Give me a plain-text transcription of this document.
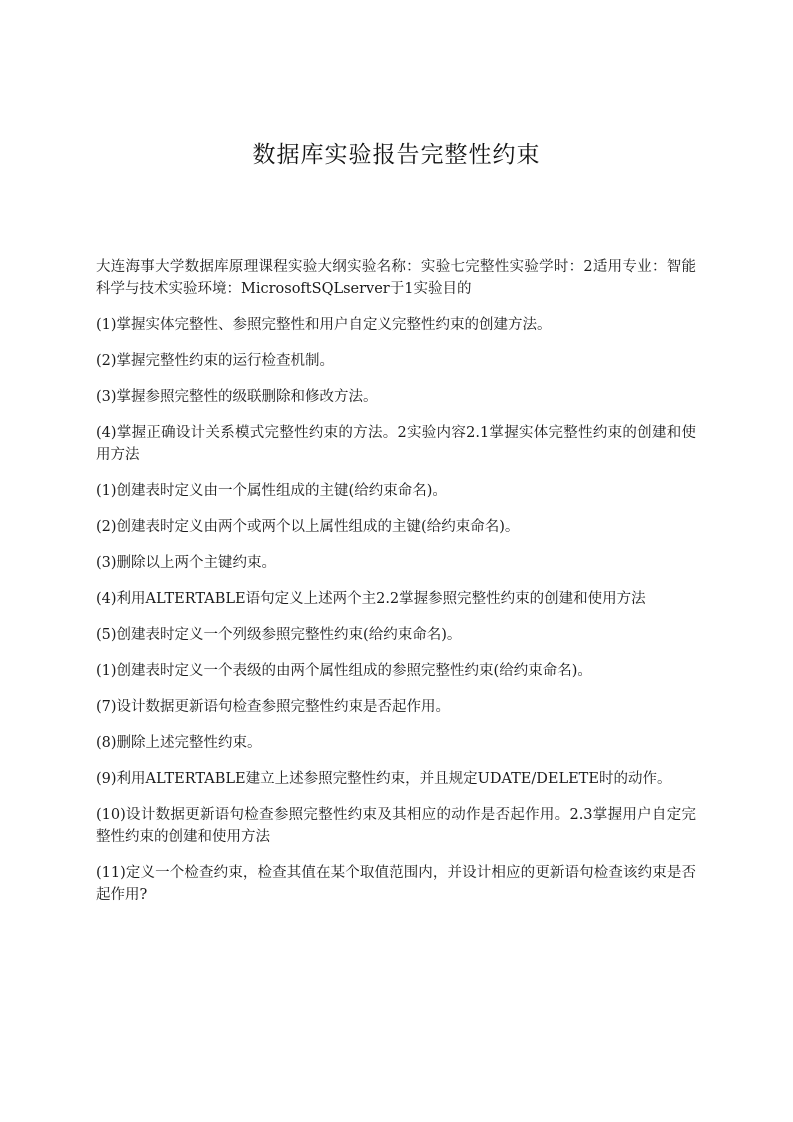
数据库实验报告完整性约束

大连海事大学数据库原理课程实验大纲实验名称：实验七完整性实验学时：2适用专业：智能科学与技术实验环境：MicrosoftSQLserver于1实验目的

(1)掌握实体完整性、参照完整性和用户自定义完整性约束的创建方法。

(2)掌握完整性约束的运行检查机制。

(3)掌握参照完整性的级联删除和修改方法。

(4)掌握正确设计关系模式完整性约束的方法。2实验内容2.1掌握实体完整性约束的创建和使用方法

(1)创建表时定义由一个属性组成的主键(给约束命名)。

(2)创建表时定义由两个或两个以上属性组成的主键(给约束命名)。

(3)删除以上两个主键约束。

(4)利用ALTERTABLE语句定义上述两个主2.2掌握参照完整性约束的创建和使用方法

(5)创建表时定义一个列级参照完整性约束(给约束命名)。

(1)创建表时定义一个表级的由两个属性组成的参照完整性约束(给约束命名)。

(7)设计数据更新语句检查参照完整性约束是否起作用。

(8)删除上述完整性约束。

(9)利用ALTERTABLE建立上述参照完整性约束，并且规定UDATE/DELETE时的动作。

(10)设计数据更新语句检查参照完整性约束及其相应的动作是否起作用。2.3掌握用户自定完整性约束的创建和使用方法

(11)定义一个检查约束，检查其值在某个取值范围内，并设计相应的更新语句检查该约束是否起作用?
